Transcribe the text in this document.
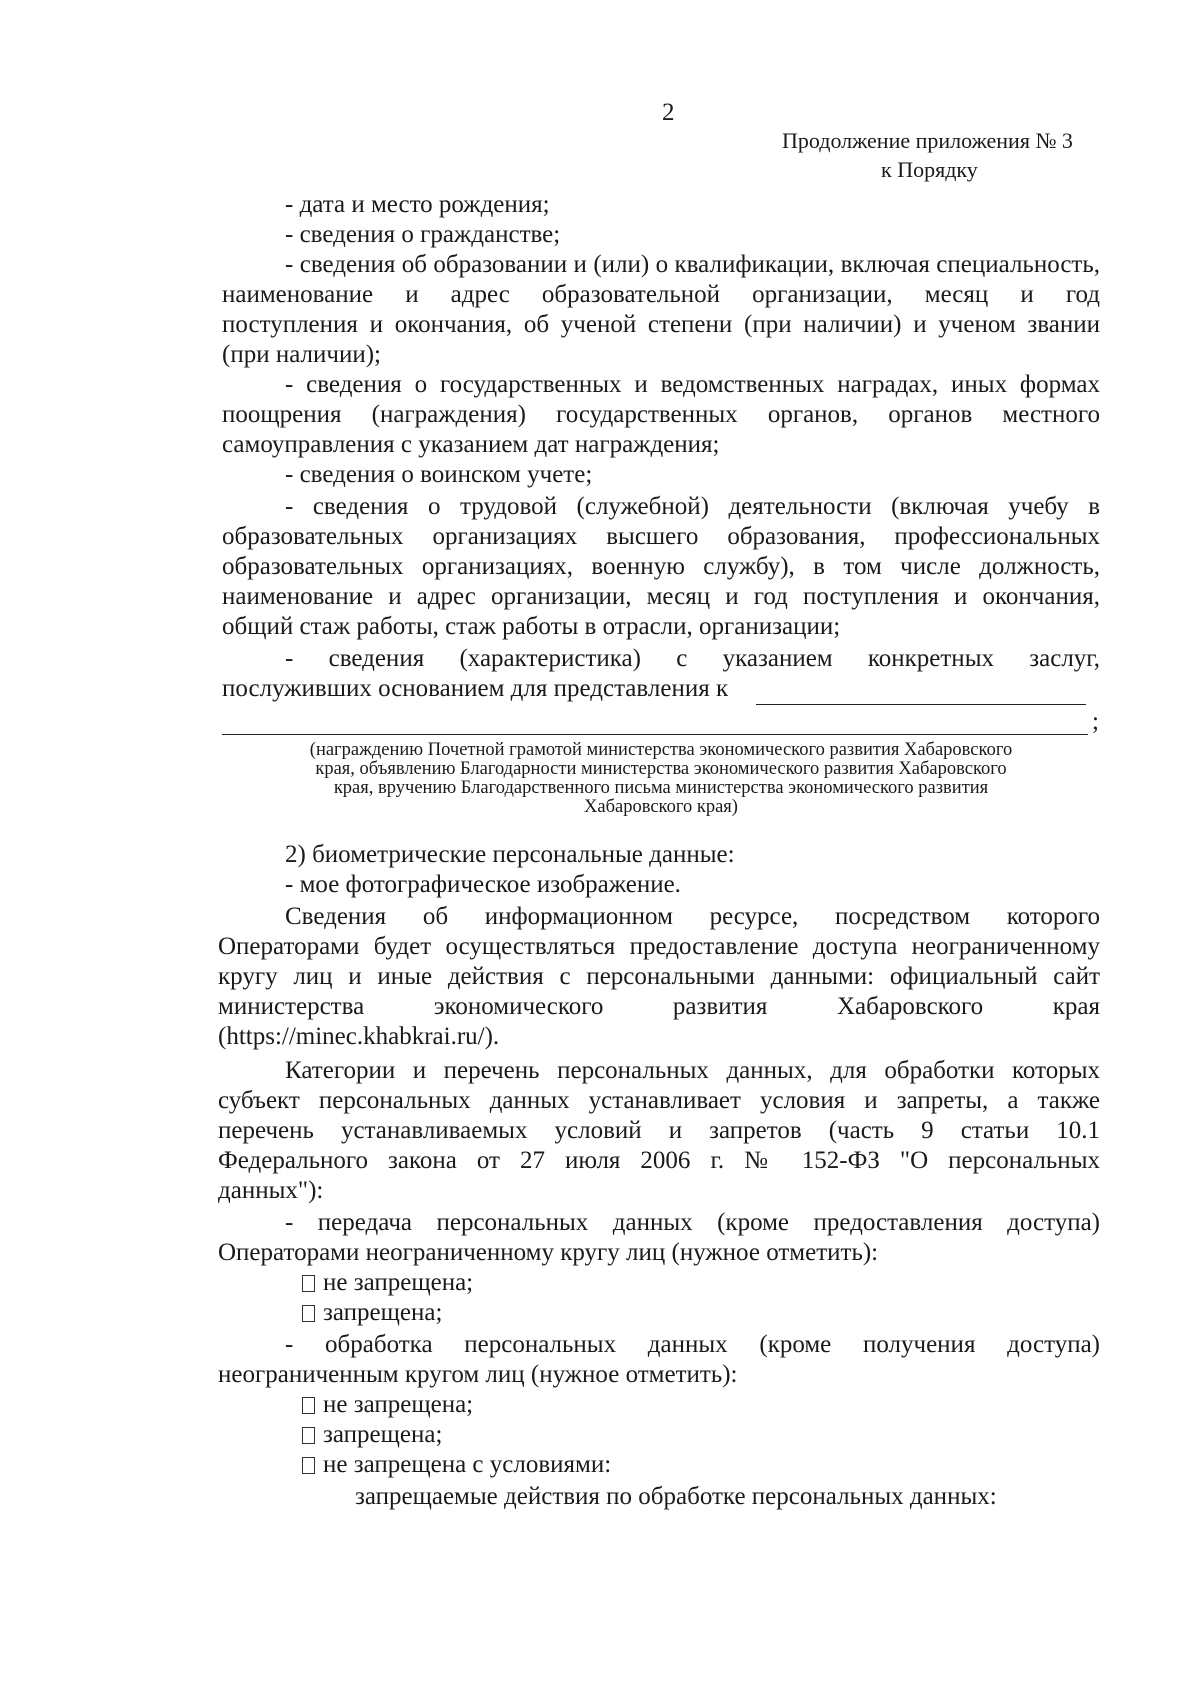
2
Продолжение приложения № 3
к Порядку
- дата и место рождения;
- сведения о гражданстве;
- сведения об образовании и (или) о квалификации, включая специальность,
наименование и адрес образовательной организации, месяц и год
поступления и окончания, об ученой степени (при наличии) и ученом звании
(при наличии);
- сведения о государственных и ведомственных наградах, иных формах
поощрения (награждения) государственных органов, органов местного
самоуправления с указанием дат награждения;
- сведения о воинском учете;
- сведения о трудовой (служебной) деятельности (включая учебу в
образовательных организациях высшего образования, профессиональных
образовательных организациях, военную службу), в том числе должность,
наименование и адрес организации, месяц и год поступления и окончания,
общий стаж работы, стаж работы в отрасли, организации;
- сведения (характеристика) с указанием конкретных заслуг,
послуживших основанием для представления к
;
(награждению Почетной грамотой министерства экономического развития Хабаровского
края, объявлению Благодарности министерства экономического развития Хабаровского
края, вручению Благодарственного письма министерства экономического развития
Хабаровского края)
2) биометрические персональные данные:
- мое фотографическое изображение.
Сведения об информационном ресурсе, посредством которого
Операторами будет осуществляться предоставление доступа неограниченному
кругу лиц и иные действия с персональными данными: официальный сайт
министерства экономического развития Хабаровского края
(https://minec.khabkrai.ru/).
Категории и перечень персональных данных, для обработки которых
субъект персональных данных устанавливает условия и запреты, а также
перечень устанавливаемых условий и запретов (часть 9 статьи 10.1
Федерального закона от 27 июля 2006 г. № 152-ФЗ "О персональных
данных"):
- передача персональных данных (кроме предоставления доступа)
Операторами неограниченному кругу лиц (нужное отметить):
не запрещена;
запрещена;
- обработка персональных данных (кроме получения доступа)
неограниченным кругом лиц (нужное отметить):
не запрещена;
запрещена;
не запрещена с условиями:
запрещаемые действия по обработке персональных данных:
